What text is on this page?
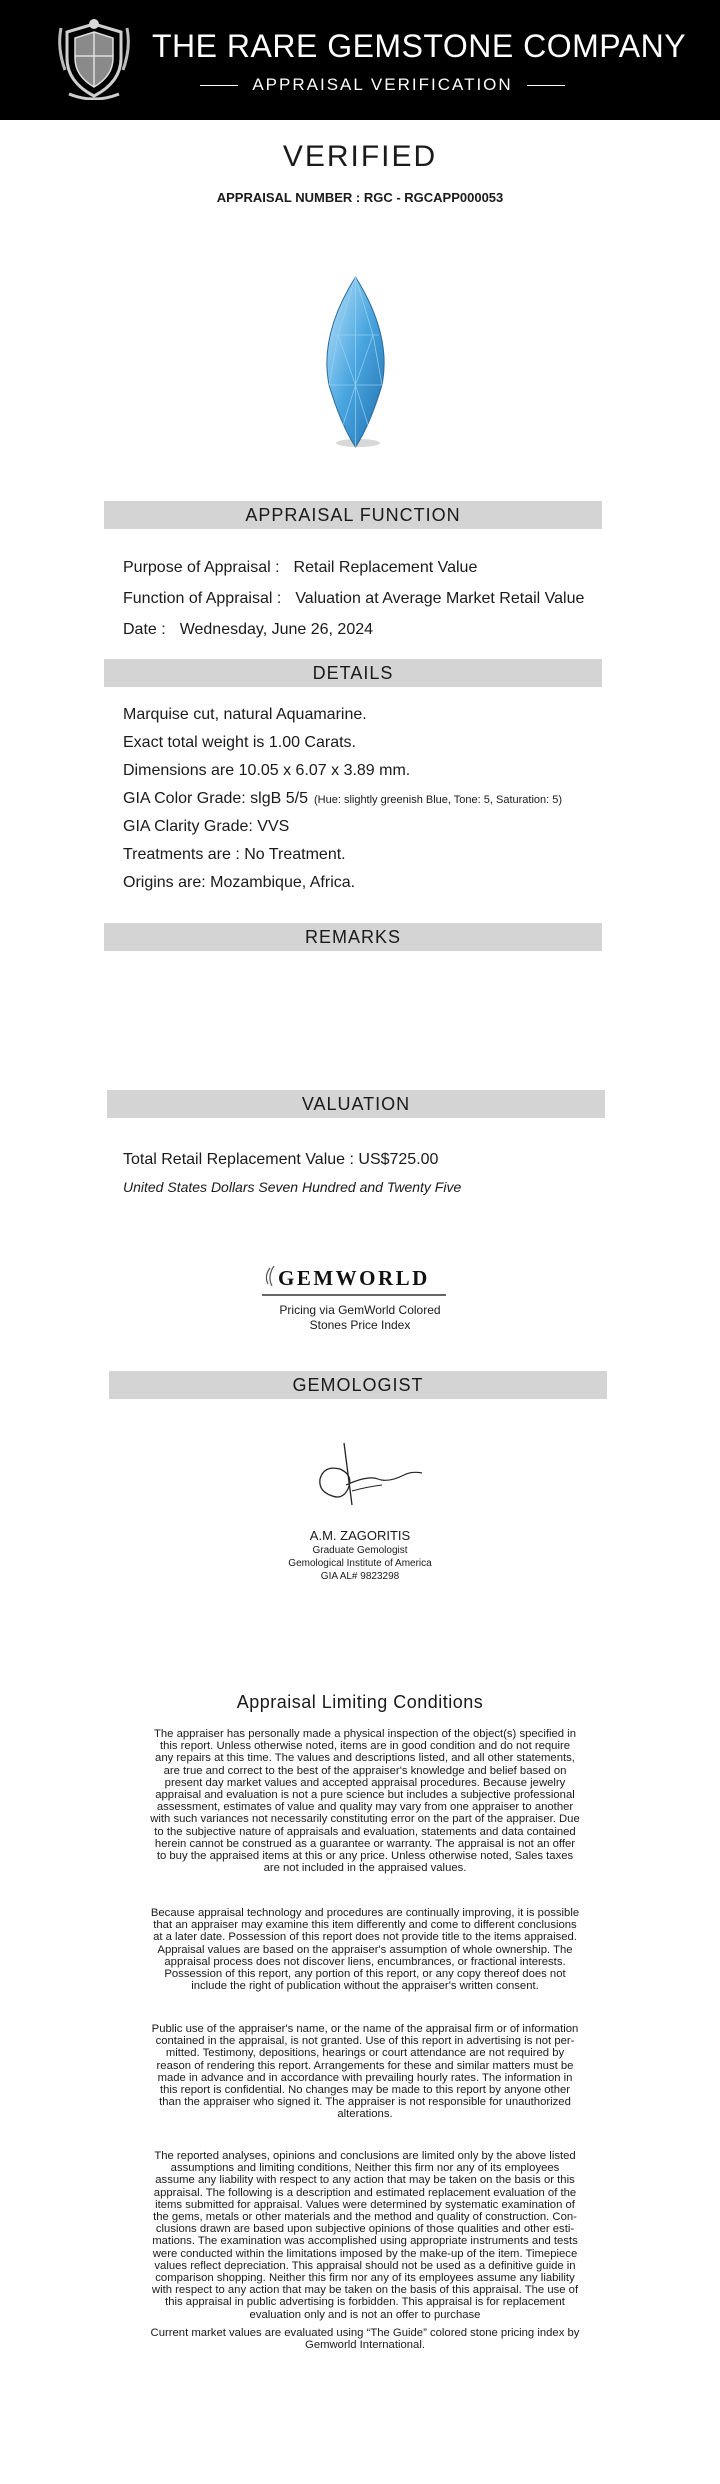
THE RARE GEMSTONE COMPANY
APPRAISAL VERIFICATION
VERIFIED
APPRAISAL NUMBER : RGC - RGCAPP000053
APPRAISAL FUNCTION
Purpose of Appraisal : Retail Replacement Value
Function of Appraisal : Valuation at Average Market Retail Value
Date : Wednesday, June 26, 2024
DETAILS
Marquise cut, natural Aquamarine.
Exact total weight is 1.00 Carats.
Dimensions are 10.05 x 6.07 x 3.89 mm.
GIA Color Grade: slgB 5/5 (Hue: slightly greenish Blue, Tone: 5, Saturation: 5)
GIA Clarity Grade: VVS
Treatments are : No Treatment.
Origins are: Mozambique, Africa.
REMARKS
VALUATION
Total Retail Replacement Value : US$725.00
United States Dollars Seven Hundred and Twenty Five
GEMWORLD
Pricing via GemWorld Colored
Stones Price Index
GEMOLOGIST
A.M. ZAGORITIS
Graduate Gemologist
Gemological Institute of America
GIA AL# 9823298
Appraisal Limiting Conditions
The appraiser has personally made a physical inspection of the object(s) specified in
this report. Unless otherwise noted, items are in good condition and do not require
any repairs at this time. The values and descriptions listed, and all other statements,
are true and correct to the best of the appraiser's knowledge and belief based on
present day market values and accepted appraisal procedures. Because jewelry
appraisal and evaluation is not a pure science but includes a subjective professional
assessment, estimates of value and quality may vary from one appraiser to another
with such variances not necessarily constituting error on the part of the appraiser. Due
to the subjective nature of appraisals and evaluation, statements and data contained
herein cannot be construed as a guarantee or warranty. The appraisal is not an offer
to buy the appraised items at this or any price. Unless otherwise noted, Sales taxes
are not included in the appraised values.
Because appraisal technology and procedures are continually improving, it is possible
that an appraiser may examine this item differently and come to different conclusions
at a later date. Possession of this report does not provide title to the items appraised.
Appraisal values are based on the appraiser's assumption of whole ownership. The
appraisal process does not discover liens, encumbrances, or fractional interests.
Possession of this report, any portion of this report, or any copy thereof does not
include the right of publication without the appraiser's written consent.
Public use of the appraiser's name, or the name of the appraisal firm or of information
contained in the appraisal, is not granted. Use of this report in advertising is not per-
mitted. Testimony, depositions, hearings or court attendance are not required by
reason of rendering this report. Arrangements for these and similar matters must be
made in advance and in accordance with prevailing hourly rates. The information in
this report is confidential. No changes may be made to this report by anyone other
than the appraiser who signed it. The appraiser is not responsible for unauthorized
alterations.
The reported analyses, opinions and conclusions are limited only by the above listed
assumptions and limiting conditions, Neither this firm nor any of its employees
assume any liability with respect to any action that may be taken on the basis or this
appraisal. The following is a description and estimated replacement evaluation of the
items submitted for appraisal. Values were determined by systematic examination of
the gems, metals or other materials and the method and quality of construction. Con-
clusions drawn are based upon subjective opinions of those qualities and other esti-
mations. The examination was accomplished using appropriate instruments and tests
were conducted within the limitations imposed by the make-up of the item. Timepiece
values reflect depreciation. This appraisal should not be used as a definitive guide in
comparison shopping. Neither this firm nor any of its employees assume any liability
with respect to any action that may be taken on the basis of this appraisal. The use of
this appraisal in public advertising is forbidden. This appraisal is for replacement
evaluation only and is not an offer to purchase
Current market values are evaluated using “The Guide” colored stone pricing index by
Gemworld International.
